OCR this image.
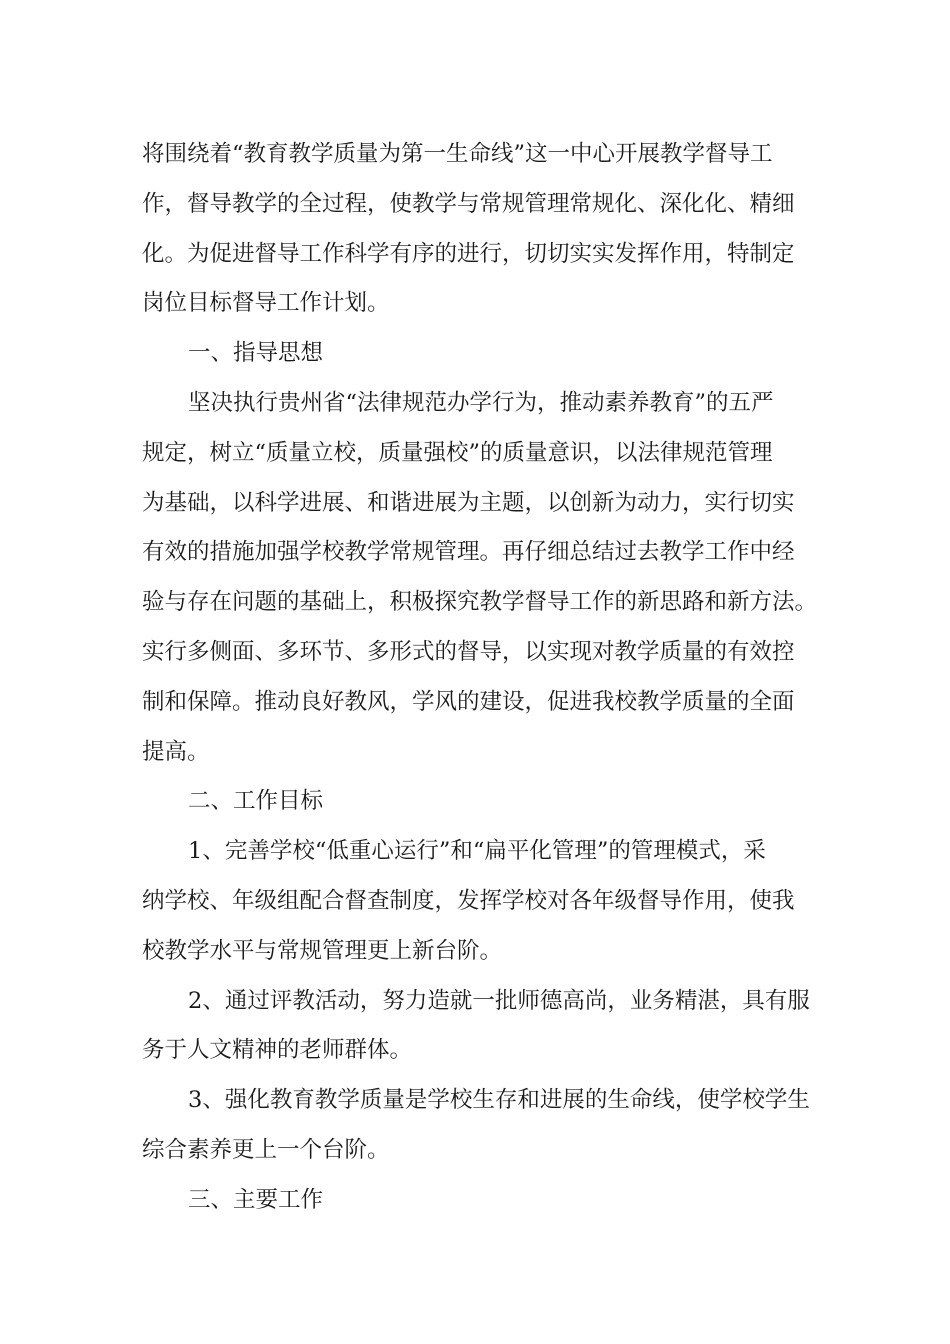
将围绕着“教育教学质量为第一生命线”这一中心开展教学督导工
作，督导教学的全过程，使教学与常规管理常规化、深化化、精细
化。为促进督导工作科学有序的进行，切切实实发挥作用，特制定
岗位目标督导工作计划。
一、指导思想
坚决执行贵州省“法律规范办学行为，推动素养教育”的五严
规定，树立“质量立校，质量强校”的质量意识，以法律规范管理
为基础，以科学进展、和谐进展为主题，以创新为动力，实行切实
有效的措施加强学校教学常规管理。再仔细总结过去教学工作中经
验与存在问题的基础上，积极探究教学督导工作的新思路和新方法。
实行多侧面、多环节、多形式的督导，以实现对教学质量的有效控
制和保障。推动良好教风，学风的建设，促进我校教学质量的全面
提高。
二、工作目标
1、完善学校“低重心运行”和“扁平化管理”的管理模式，采
纳学校、年级组配合督查制度，发挥学校对各年级督导作用，使我
校教学水平与常规管理更上新台阶。
2、通过评教活动，努力造就一批师德高尚，业务精湛，具有服
务于人文精神的老师群体。
3、强化教育教学质量是学校生存和进展的生命线，使学校学生
综合素养更上一个台阶。
三、主要工作
